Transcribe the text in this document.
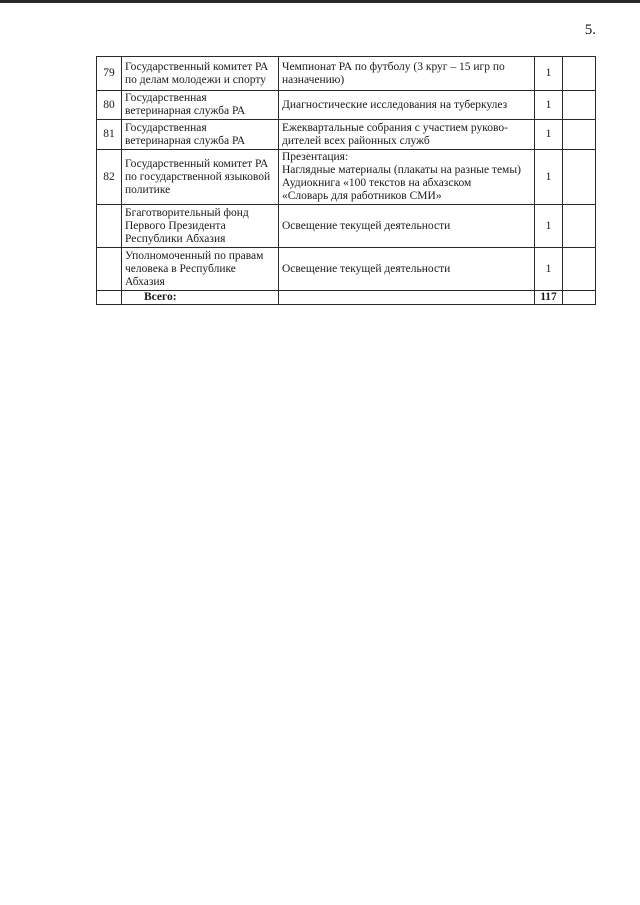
5.
79	Государственный комитет РА по делам молодежи и спорту	Чемпионат РА по футболу (3 круг – 15 игр по назначению)	1	
80	Государственная ветеринарная служба РА	Диагностические исследования на туберкулез	1	
81	Государственная ветеринарная служба РА	Ежеквартальные собрания с участием руково-дителей всех районных служб	1	
82	Государственный комитет РА по государственной языковой политике	Презентация:
Наглядные материалы (плакаты на разные темы)
Аудиокнига «100 текстов на абхазском
«Словарь для работников СМИ»	1	
	Бгаготворительный фонд Первого Президента Республики Абхазия	Освещение текущей деятельности	1	
	Уполномоченный по правам человека в Республике Абхазия	Освещение текущей деятельности	1	
	Всего:		117	
